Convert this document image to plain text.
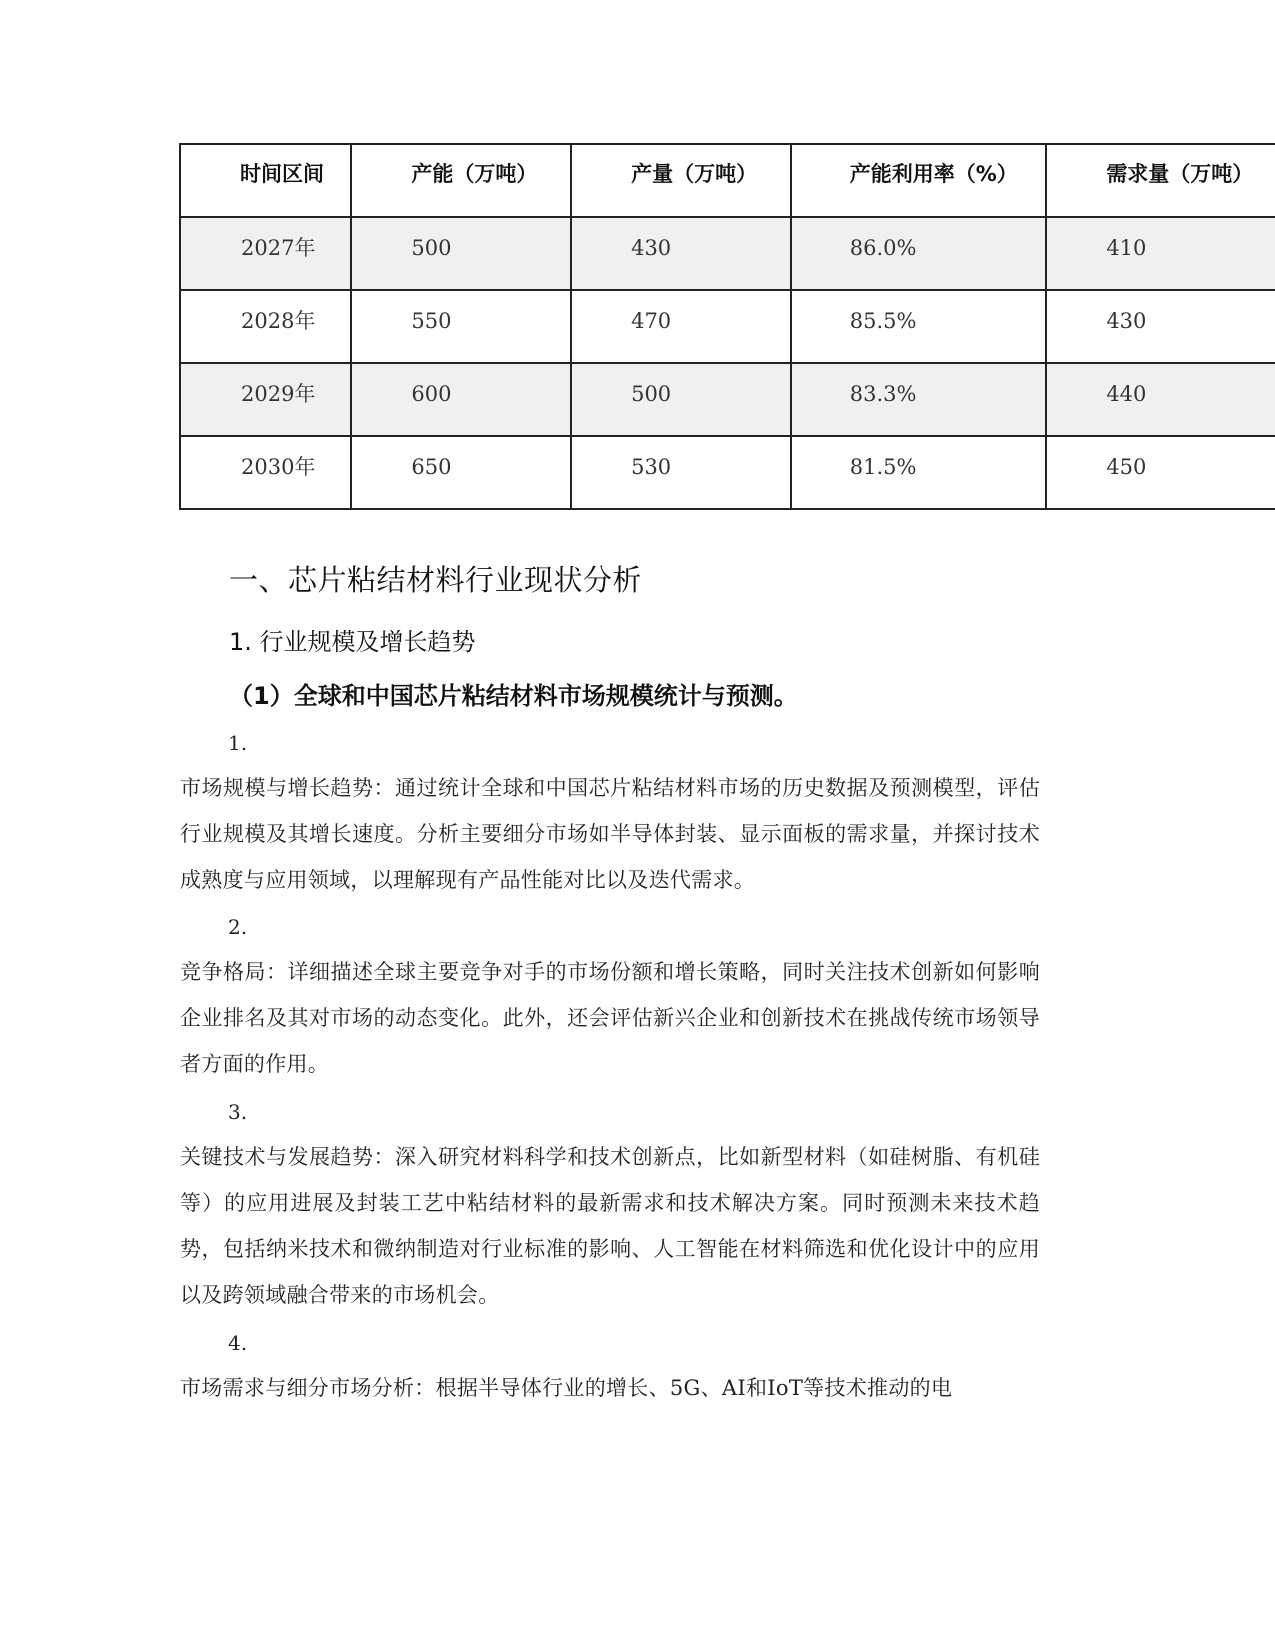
时间区间	产能（万吨）	产量（万吨）	产能利用率（%）	需求量（万吨）
2027年	500	430	86.0%	410
2028年	550	470	85.5%	430
2029年	600	500	83.3%	440
2030年	650	530	81.5%	450
一、芯片粘结材料行业现状分析
1. 行业规模及增长趋势
（1）全球和中国芯片粘结材料市场规模统计与预测。
1.

市场规模与增长趋势：通过统计全球和中国芯片粘结材料市场的历史数据及预测模型，评估行业规模及其增长速度。分析主要细分市场如半导体封装、显示面板的需求量，并探讨技术成熟度与应用领域，以理解现有产品性能对比以及迭代需求。

2.

竞争格局：详细描述全球主要竞争对手的市场份额和增长策略，同时关注技术创新如何影响企业排名及其对市场的动态变化。此外，还会评估新兴企业和创新技术在挑战传统市场领导者方面的作用。

3.

关键技术与发展趋势：深入研究材料科学和技术创新点，比如新型材料（如硅树脂、有机硅等）的应用进展及封装工艺中粘结材料的最新需求和技术解决方案。同时预测未来技术趋势，包括纳米技术和微纳制造对行业标准的影响、人工智能在材料筛选和优化设计中的应用以及跨领域融合带来的市场机会。

4.

市场需求与细分市场分析：根据半导体行业的增长、5G、AI和IoT等技术推动的电
